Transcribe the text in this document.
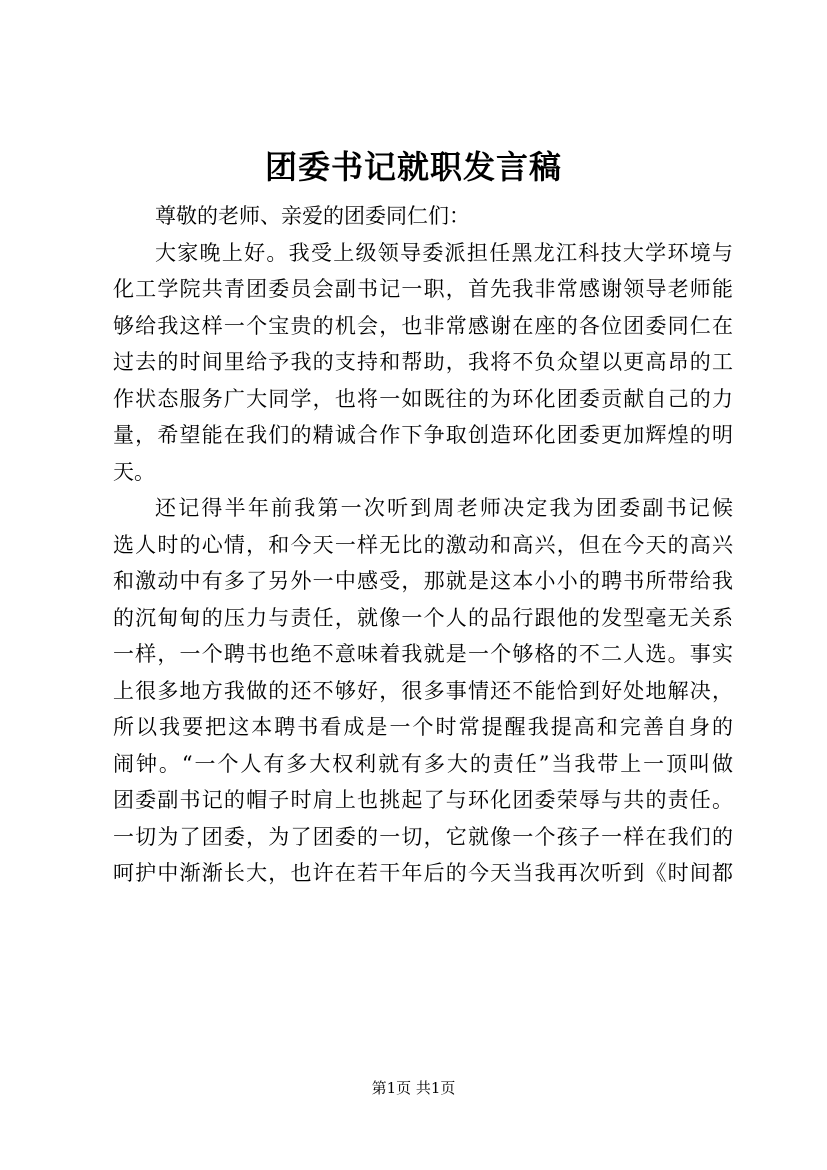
团委书记就职发言稿
尊敬的老师、亲爱的团委同仁们：
大家晚上好。我受上级领导委派担任黑龙江科技大学环境与
化工学院共青团委员会副书记一职，首先我非常感谢领导老师能
够给我这样一个宝贵的机会，也非常感谢在座的各位团委同仁在
过去的时间里给予我的支持和帮助，我将不负众望以更高昂的工
作状态服务广大同学，也将一如既往的为环化团委贡献自己的力
量，希望能在我们的精诚合作下争取创造环化团委更加辉煌的明
天。
还记得半年前我第一次听到周老师决定我为团委副书记候
选人时的心情，和今天一样无比的激动和高兴，但在今天的高兴
和激动中有多了另外一中感受，那就是这本小小的聘书所带给我
的沉甸甸的压力与责任，就像一个人的品行跟他的发型毫无关系
一样，一个聘书也绝不意味着我就是一个够格的不二人选。事实
上很多地方我做的还不够好，很多事情还不能恰到好处地解决，
所以我要把这本聘书看成是一个时常提醒我提高和完善自身的
闹钟。“一个人有多大权利就有多大的责任”当我带上一顶叫做
团委副书记的帽子时肩上也挑起了与环化团委荣辱与共的责任。
一切为了团委，为了团委的一切，它就像一个孩子一样在我们的
呵护中渐渐长大，也许在若干年后的今天当我再次听到《时间都
第1页 共1页
